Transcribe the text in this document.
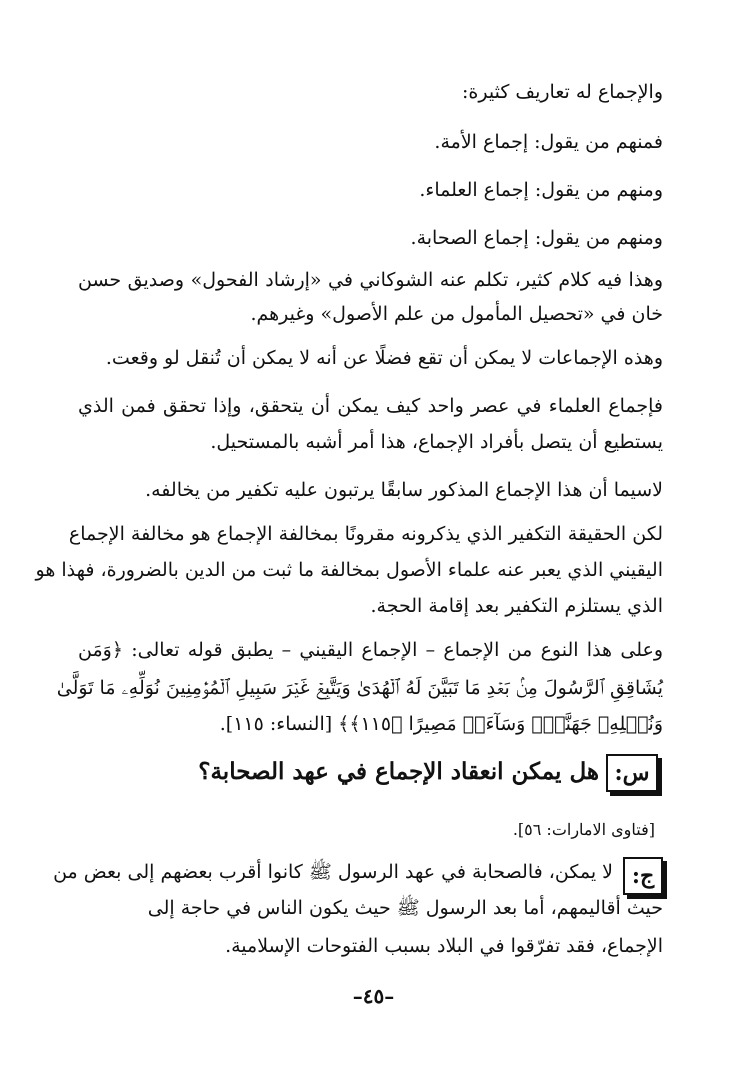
والإجماع له تعاريف كثيرة:
فمنهم من يقول: إجماع الأمة.
ومنهم من يقول: إجماع العلماء.
ومنهم من يقول: إجماع الصحابة.
وهذا فيه كلام كثير، تكلم عنه الشوكاني في «إرشاد الفحول» وصديق حسن
خان في «تحصيل المأمول من علم الأصول» وغيرهم.
وهذه الإجماعات لا يمكن أن تقع فضلًا عن أنه لا يمكن أن تُنقل لو وقعت.
فإجماع العلماء في عصر واحد كيف يمكن أن يتحقق، وإذا تحقق فمن الذي
يستطيع أن يتصل بأفراد الإجماع، هذا أمر أشبه بالمستحيل.
لاسيما أن هذا الإجماع المذكور سابقًا يرتبون عليه تكفير من يخالفه.
لكن الحقيقة التكفير الذي يذكرونه مقرونًا بمخالفة الإجماع هو مخالفة الإجماع
اليقيني الذي يعبر عنه علماء الأصول بمخالفة ما ثبت من الدين بالضرورة، فهذا هو
الذي يستلزم التكفير بعد إقامة الحجة.
وعلى هذا النوع من الإجماع – الإجماع اليقيني – يطبق قوله تعالى: ﴿وَمَن
يُشَاقِقِ ٱلرَّسُولَ مِنۢ بَعۡدِ مَا تَبَيَّنَ لَهُ ٱلۡهُدَىٰ وَيَتَّبِعۡ غَيۡرَ سَبِيلِ ٱلۡمُؤۡمِنِينَ نُوَلِّهِۦ مَا تَوَلَّىٰ
وَنُصۡلِهِۦ جَهَنَّمَۖ وَسَآءَتۡ مَصِيرًا ﴿١١٥﴾﴾ [النساء: ١١٥].
س:
هل يمكن انعقاد الإجماع في عهد الصحابة؟
[فتاوى الامارات: ٥٦].
ج:
لا يمكن، فالصحابة في عهد الرسول ﷺ كانوا أقرب بعضهم إلى بعض من
حيث أقاليمهم، أما بعد الرسول ﷺ حيث يكون الناس في حاجة إلى
الإجماع، فقد تفرّقوا في البلاد بسبب الفتوحات الإسلامية.
–٤٥–
